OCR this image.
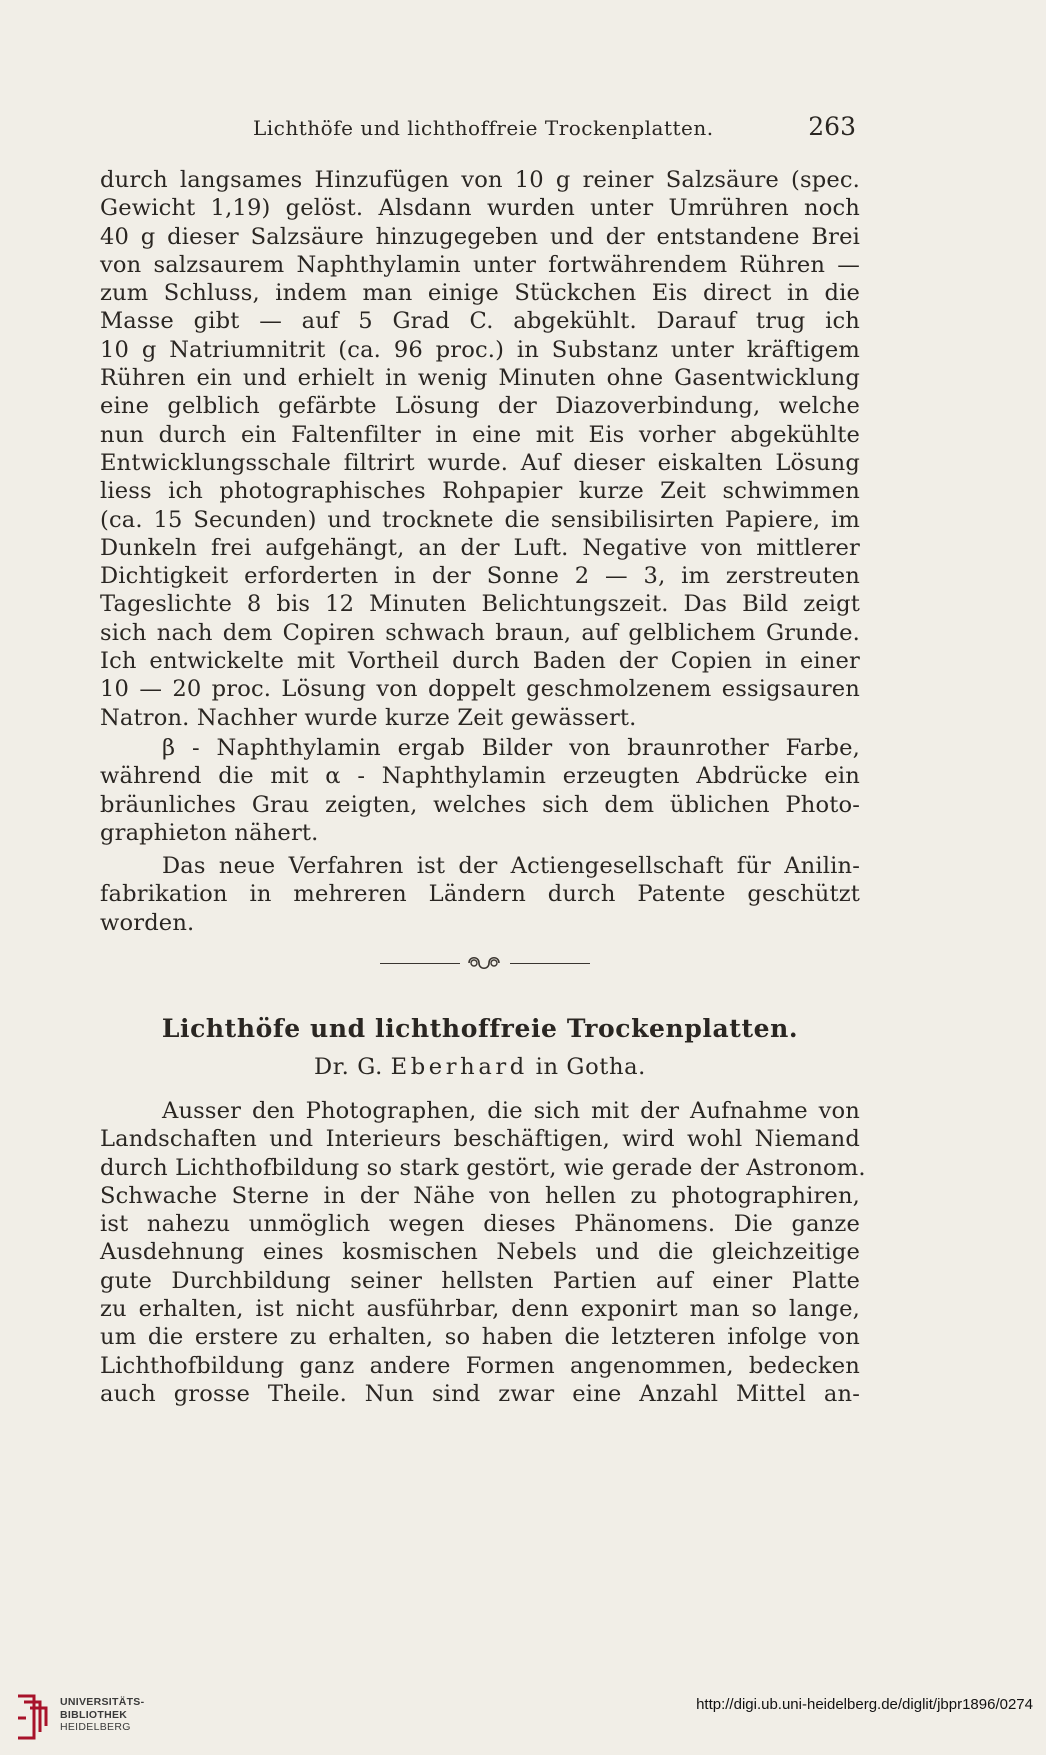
Lichthöfe und lichthoffreie Trockenplatten.	263
durch langsames Hinzufügen von 10 g reiner Salzsäure (spec.
Gewicht 1,19) gelöst. Alsdann wurden unter Umrühren noch
40 g dieser Salzsäure hinzugegeben und der entstandene Brei
von salzsaurem Naphthylamin unter fortwährendem Rühren —
zum Schluss, indem man einige Stückchen Eis direct in die
Masse gibt — auf 5 Grad C. abgekühlt. Darauf trug ich
10 g Natriumnitrit (ca. 96 proc.) in Substanz unter kräftigem
Rühren ein und erhielt in wenig Minuten ohne Gasentwicklung
eine gelblich gefärbte Lösung der Diazoverbindung, welche
nun durch ein Faltenfilter in eine mit Eis vorher abgekühlte
Entwicklungsschale filtrirt wurde. Auf dieser eiskalten Lösung
liess ich photographisches Rohpapier kurze Zeit schwimmen
(ca. 15 Secunden) und trocknete die sensibilisirten Papiere, im
Dunkeln frei aufgehängt, an der Luft. Negative von mittlerer
Dichtigkeit erforderten in der Sonne 2 — 3, im zerstreuten
Tageslichte 8 bis 12 Minuten Belichtungszeit. Das Bild zeigt
sich nach dem Copiren schwach braun, auf gelblichem Grunde.
Ich entwickelte mit Vortheil durch Baden der Copien in einer
10 — 20 proc. Lösung von doppelt geschmolzenem essigsauren
Natron. Nachher wurde kurze Zeit gewässert.
β - Naphthylamin ergab Bilder von braunrother Farbe,
während die mit α - Naphthylamin erzeugten Abdrücke ein
bräunliches Grau zeigten, welches sich dem üblichen Photo-
graphieton nähert.
Das neue Verfahren ist der Actiengesellschaft für Anilin-
fabrikation in mehreren Ländern durch Patente geschützt
worden.
Lichthöfe und lichthoffreie Trockenplatten.
Dr. G. Eberhard in Gotha.
Ausser den Photographen, die sich mit der Aufnahme von
Landschaften und Interieurs beschäftigen, wird wohl Niemand
durch Lichthofbildung so stark gestört, wie gerade der Astronom.
Schwache Sterne in der Nähe von hellen zu photographiren,
ist nahezu unmöglich wegen dieses Phänomens. Die ganze
Ausdehnung eines kosmischen Nebels und die gleichzeitige
gute Durchbildung seiner hellsten Partien auf einer Platte
zu erhalten, ist nicht ausführbar, denn exponirt man so lange,
um die erstere zu erhalten, so haben die letzteren infolge von
Lichthofbildung ganz andere Formen angenommen, bedecken
auch grosse Theile. Nun sind zwar eine Anzahl Mittel an-
UNIVERSITÄTS-
BIBLIOTHEK
HEIDELBERG
http://digi.ub.uni-heidelberg.de/diglit/jbpr1896/0274
